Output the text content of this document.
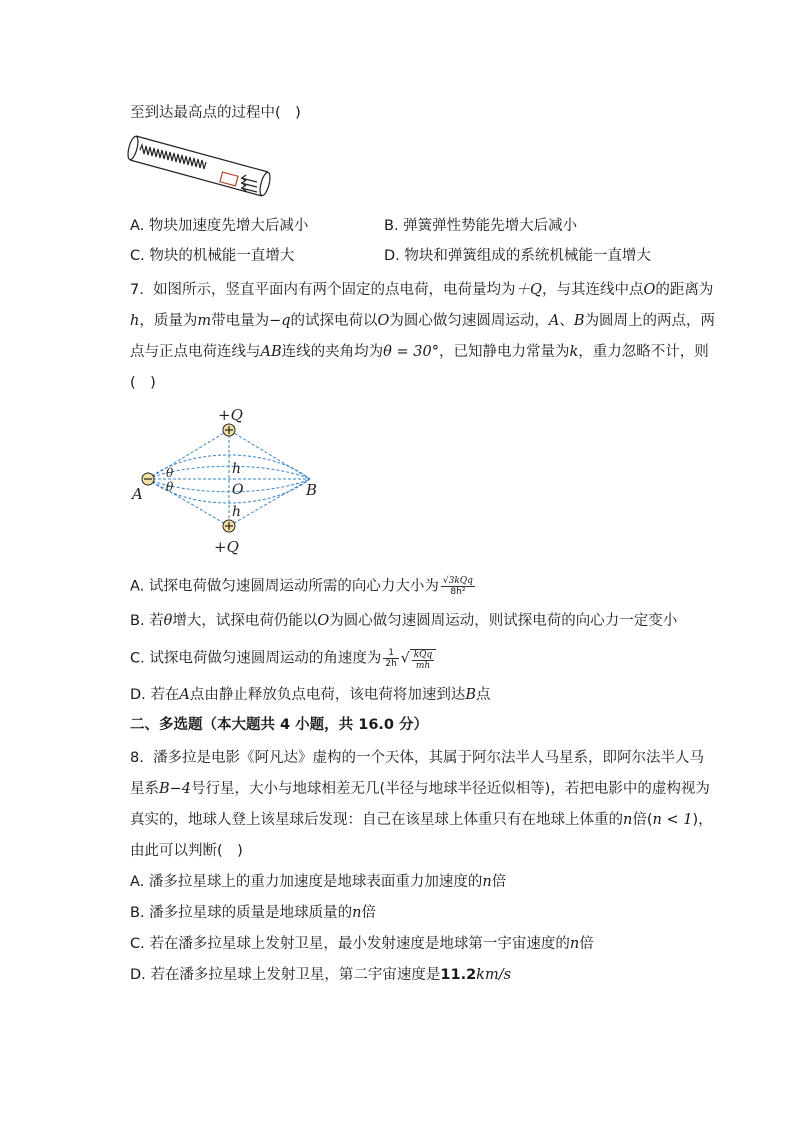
至到达最高点的过程中(　)
A. 物块加速度先增大后减小	B. 弹簧弹性势能先增大后减小
C. 物块的机械能一直增大	D. 物块和弹簧组成的系统机械能一直增大
7. 如图所示，竖直平面内有两个固定的点电荷，电荷量均为＋Q，与其连线中点O的距离为
h，质量为m带电量为−q的试探电荷以O为圆心做匀速圆周运动，A、B为圆周上的两点，两
点与正点电荷连线与AB连线的夹角均为θ = 30°，已知静电力常量为k，重力忽略不计，则
(　)
+Q
+Q
θ
θ
h
h
O
A	B
A. 试探电荷做匀速圆周运动所需的向心力大小为 $\frac{\text{√3kQq}}{\text{8h²}}$
B. 若θ增大，试探电荷仍能以O为圆心做匀速圆周运动，则试探电荷的向心力一定变小
C. 试探电荷做匀速圆周运动的角速度为 $\frac{1}{2h}$ √ $\frac{\text{kQq}}{mh}$
D. 若在A点由静止释放负点电荷，该电荷将加速到达B点
二、多选题（本大题共 4 小题，共 16.0 分）
8. 潘多拉是电影《阿凡达》虚构的一个天体，其属于阿尔法半人马星系，即阿尔法半人马
星系B−4号行星，大小与地球相差无几(半径与地球半径近似相等)，若把电影中的虚构视为
真实的，地球人登上该星球后发现：自己在该星球上体重只有在地球上体重的n倍(n < 1)，
由此可以判断(　)
A. 潘多拉星球上的重力加速度是地球表面重力加速度的n倍
B. 潘多拉星球的质量是地球质量的n倍
C. 若在潘多拉星球上发射卫星，最小发射速度是地球第一宇宙速度的n倍
D. 若在潘多拉星球上发射卫星，第二宇宙速度是11.2km/s
